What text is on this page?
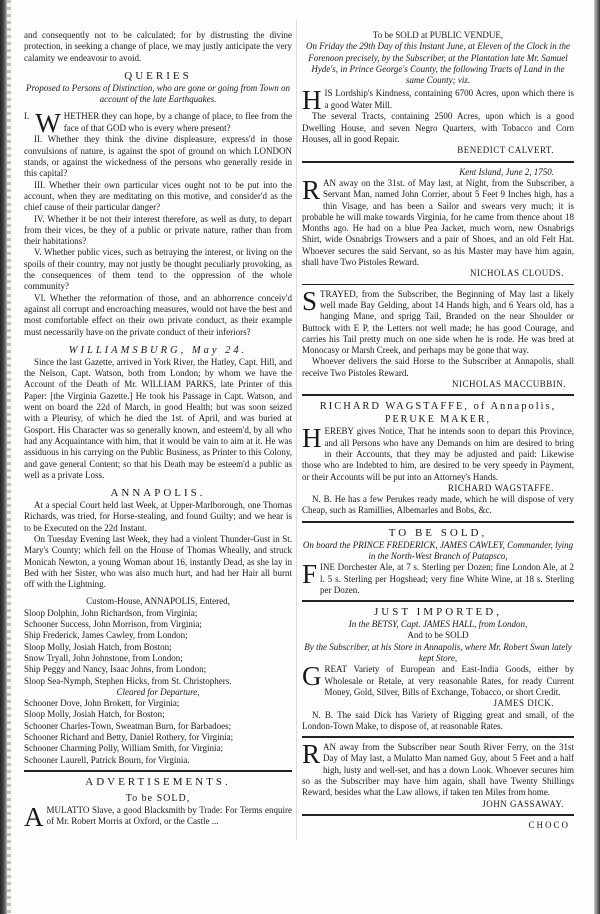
and consequently not to be calculated; for by distrusting the divine protection, in seeking a change of place, we may justly anticipate the very calamity we endeavour to avoid.

QUERIES
Proposed to Persons of Distinction, who are gone or going from Town on account of the late Earthquakes.

I. W HETHER they can hope, by a change of place, to flee from the face of that GOD who is every where present?

II. Whether they think the divine displeasure, express'd in those convulsions of nature, is against the spot of ground on which LONDON stands, or against the wickedness of the persons who generally reside in this capital?

III. Whether their own particular vices ought not to be put into the account, when they are meditating on this motive, and consider'd as the chief cause of their particular danger?

IV. Whether it be not their interest therefore, as well as duty, to depart from their vices, be they of a public or private nature, rather than from their habitations?

V. Whether public vices, such as betraying the interest, or living on the spoils of their country, may not justly be thought peculiarly provoking, as the consequences of them tend to the oppression of the whole community?

VI. Whether the reformation of those, and an abhorrence conceiv'd against all corrupt and encroaching measures, would not have the best and most comfortable effect on their own private conduct, as their example must necessarily have on the private conduct of their inferiors?

WILLIAMSBURG, May 24.

Since the last Gazette, arrived in York River, the Hatley, Capt. Hill, and the Nelson, Capt. Watson, both from London; by whom we have the Account of the Death of Mr. WILLIAM PARKS, late Printer of this Paper: [the Virginia Gazette.] He took his Passage in Capt. Watson, and went on board the 22d of March, in good Health; but was soon seized with a Pleurisy, of which he died the 1st. of April, and was buried at Gosport. His Character was so generally known, and esteem'd, by all who had any Acquaintance with him, that it would be vain to aim at it. He was assiduous in his carrying on the Public Business, as Printer to this Colony, and gave general Content; so that his Death may be esteem'd a public as well as a private Loss.

ANNAPOLIS.

At a special Court held last Week, at Upper-Marlborough, one Thomas Richards, was tried, for Horse-stealing, and found Guilty; and we hear is to be Executed on the 22d Instant.

On Tuesday Evening last Week, they had a violent Thunder-Gust in St. Mary's County; which fell on the House of Thomas Wheally, and struck Monicah Newton, a young Woman about 16, instantly Dead, as she lay in Bed with her Sister, who was also much hurt, and had her Hair all burnt off with the Lightning.

Custom-House, ANNAPOLIS, Entered,

Sloop Dolphin, John Richardson, from Virginia;

Schooner Success, John Morrison, from Virginia;

Ship Frederick, James Cawley, from London;

Sloop Molly, Josiah Hatch, from Boston;

Snow Tryall, John Johnstone, from London;

Ship Peggy and Nancy, Isaac Johns, from London;

Sloop Sea-Nymph, Stephen Hicks, from St. Christophers.

Cleared for Departure,

Schooner Dove, John Brokett, for Virginia;

Sloop Molly, Josiah Hatch, for Boston;

Schooner Charles-Town, Sweatman Burn, for Barbadoes;

Schooner Richard and Betty, Daniel Rothery, for Virginia;

Schooner Charming Polly, William Smith, for Virginia;

Schooner Laurell, Patrick Bourn, for Virginia.

ADVERTISEMENTS.
To be SOLD,
AMULATTO Slave, a good Blacksmith by Trade: For Terms enquire of Mr. Robert Morris at Oxford, or the Castle ...
To be SOLD at PUBLIC VENDUE,
On Friday the 29th Day of this Instant June, at Eleven of the Clock in the Forenoon precisely, by the Subscriber, at the Plantation late Mr. Samuel Hyde's, in Prince George's County, the following Tracts of Land in the same County; viz.

HIS Lordship's Kindness, containing 6700 Acres, upon which there is a good Water Mill.

The several Tracts, containing 2500 Acres, upon which is a good Dwelling House, and seven Negro Quarters, with Tobacco and Corn Houses, all in good Repair.

BENEDICT CALVERT.

Kent Island, June 2, 1750.
RAN away on the 31st. of May last, at Night, from the Subscriber, a Servant Man, named John Corrier, about 5 Feet 9 Inches high, has a thin Visage, and has been a Sailor and swears very much; it is probable he will make towards Virginia, for he came from thence about 18 Months ago. He had on a blue Pea Jacket, much worn, new Osnabrigs Shirt, wide Osnabrigs Trowsers and a pair of Shoes, and an old Felt Hat. Whoever secures the said Servant, so as his Master may have him again, shall have Two Pistoles Reward.

NICHOLAS CLOUDS.

STRAYED, from the Subscriber, the Beginning of May last a likely well made Bay Gelding, about 14 Hands high, and 6 Years old, has a hanging Mane, and sprigg Tail, Branded on the near Shoulder or Buttock with E P, the Letters not well made; he has good Courage, and carries his Tail pretty much on one side when he is rode. He was bred at Monocasy or Marsh Creek, and perhaps may be gone that way.

Whoever delivers the said Horse to the Subscriber at Annapolis, shall receive Two Pistoles Reward.

NICHOLAS MACCUBBIN.

RICHARD WAGSTAFFE, of Annapolis,
PERUKE MAKER,
HEREBY gives Notice, That he intends soon to depart this Province, and all Persons who have any Demands on him are desired to bring in their Accounts, that they may be adjusted and paid: Likewise those who are Indebted to him, are desired to be very speedy in Payment, or their Accounts will be put into an Attorney's Hands.

RICHARD WAGSTAFFE.

N. B. He has a few Perukes ready made, which he will dispose of very Cheap, such as Ramillies, Albemarles and Bobs, &c.

TO BE SOLD,
On board the PRINCE FREDERICK, JAMES CAWLEY, Commander, lying in the North-West Branch of Patapsco,
FINE Dorchester Ale, at 7 s. Sterling per Dozen; fine London Ale, at 2 l. 5 s. Sterling per Hogshead; very fine White Wine, at 18 s. Sterling per Dozen.
JUST IMPORTED,
In the BETSY, Capt. JAMES HALL, from London,
And to be SOLD
By the Subscriber, at his Store in Annapolis, where Mr. Robert Swan lately kept Store,
GREAT Variety of European and East-India Goods, either by Wholesale or Retale, at very reasonable Rates, for ready Current Money, Gold, Silver, Bills of Exchange, Tobacco, or short Credit.

JAMES DICK.

N. B. The said Dick has Variety of Rigging great and small, of the London-Town Make, to dispose of, at reasonable Rates.

RAN away from the Subscriber near South River Ferry, on the 31st Day of May last, a Mulatto Man named Guy, about 5 Feet and a half high, lusty and well-set, and has a down Look. Whoever secures him so as the Subscriber may have him again, shall have Twenty Shillings Reward, besides what the Law allows, if taken ten Miles from home.

JOHN GASSAWAY.

CHOCO
